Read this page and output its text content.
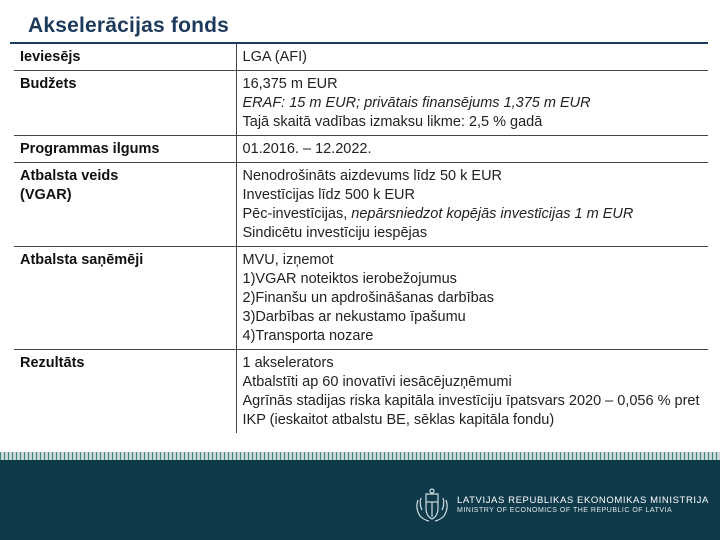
Akselerācijas fonds
Ieviesējs	LGA (AFI)

Budžets	16,375 m EUR
ERAF: 15 m EUR; privātais finansējums 1,375 m EUR
Tajā skaitā vadības izmaksu likme: 2,5 % gadā

Programmas ilgums	01.2016. – 12.2022.

Atbalsta veids
(VGAR)	Nenodrošināts aizdevums līdz 50 k EUR
Investīcijas līdz 500 k EUR
Pēc-investīcijas, nepārsniedzot kopējās investīcijas 1 m EUR
Sindicētu investīciju iespējas

Atbalsta saņēmēji	MVU, izņemot
1)VGAR noteiktos ierobežojumus
2)Finanšu un apdrošināšanas darbības
3)Darbības ar nekustamo īpašumu
4)Transporta nozare

Rezultāts	1 akselerators
Atbalstīti ap 60 inovatīvi iesācējuzņēmumi
Agrīnās stadijas riska kapitāla investīciju īpatsvars 2020 – 0,056 % pret IKP (ieskaitot atbalstu BE, sēklas kapitāla fondu)
LATVIJAS REPUBLIKAS EKONOMIKAS MINISTRIJA
MINISTRY OF ECONOMICS OF THE REPUBLIC OF LATVIA
